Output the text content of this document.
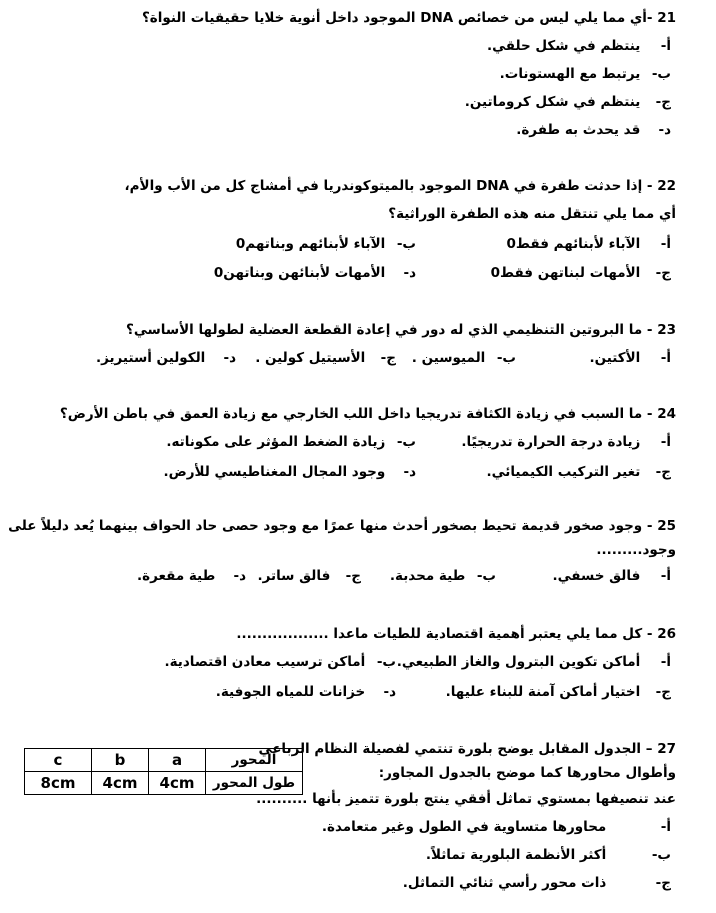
21 -أي مما يلي ليس من خصائص DNA الموجود داخل أنوية خلايا حقيقيات النواة؟
أ- ينتظم في شكل حلقي.
ب- يرتبط مع الهستونات.
ج- ينتظم في شكل كروماتين.
د- قد يحدث به طفرة.
22 - إذا حدثت طفرة في DNA الموجود بالميتوكوندريا في أمشاج كل من الأب والأم،
أي مما يلي تنتقل منه هذه الطفرة الوراثية؟
أ- الآباء لأبنائهم فقط0
ب- الآباء لأبنائهم وبناتهم0
ج- الأمهات لبناتهن فقط0
د- الأمهات لأبنائهن وبناتهن0
23 - ما البروتين التنظيمي الذي له دور في إعادة القطعة العضلية لطولها الأساسي؟
أ- الأكتين.
ب- الميوسين .
ج- الأسيتيل كولين .
د- الكولين أستيريز.
24 - ما السبب في زيادة الكثافة تدريجيا داخل اللب الخارجي مع زيادة العمق في باطن الأرض؟
أ- زيادة درجة الحرارة تدريجيًا.
ب- زيادة الضغط المؤثر على مكوناته.
ج- تغير التركيب الكيميائي.
د- وجود المجال المغناطيسي للأرض.
25 - وجود صخور قديمة تحيط بصخور أحدث منها عمرًا مع وجود حصى حاد الحواف بينهما يُعد دليلاً على
وجود.........
أ- فالق خسفي.
ب- طية محدبة.
ج- فالق ساتر.
د- طية مقعرة.
26 - كل مما يلي يعتبر أهمية اقتصادية للطيات ماعدا ..................
أ- أماكن تكوين البترول والغاز الطبيعي.
ب- أماكن ترسيب معادن اقتصادية.
ج- اختيار أماكن آمنة للبناء عليها.
د- خزانات للمياه الجوفية.
27 – الجدول المقابل يوضح بلورة تنتمي لفصيلة النظام الرباعي
وأطوال محاورها كما موضح بالجدول المجاور:
عند تنصيفها بمستوي تماثل أفقي ينتج بلورة تتميز بأنها ..........
أ- محاورها متساوية في الطول وغير متعامدة.
ب- أكثر الأنظمة البلورية تماثلاً.
ج- ذات محور رأسي ثنائي التماثل.
c	b	a	المحور
8cm	4cm	4cm	طول المحور
